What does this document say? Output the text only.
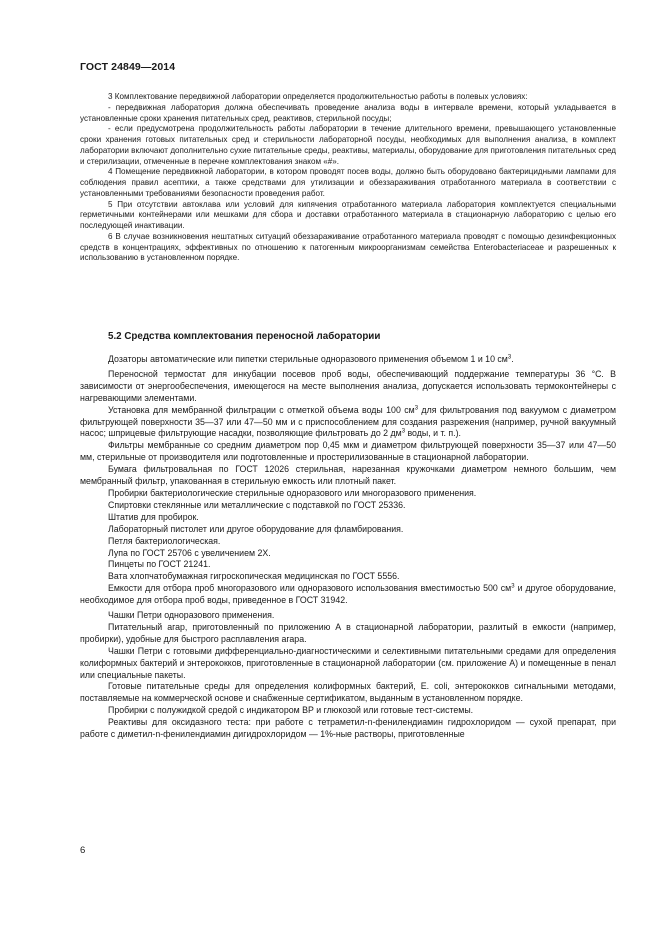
ГОСТ 24849—2014

3 Комплектование передвижной лаборатории определяется продолжительностью работы в полевых условиях:

- передвижная лаборатория должна обеспечивать проведение анализа воды в интервале времени, который укладывается в установленные сроки хранения питательных сред, реактивов, стерильной посуды;

- если предусмотрена продолжительность работы лаборатории в течение длительного времени, превышающего установленные сроки хранения готовых питательных сред и стерильности лабораторной посуды, необходимых для выполнения анализа, в комплект лаборатории включают дополнительно сухие питательные среды, реактивы, материалы, оборудование для приготовления питательных сред и стерилизации, отмеченные в перечне комплектования знаком «#».

4 Помещение передвижной лаборатории, в котором проводят посев воды, должно быть оборудовано бактерицидными лампами для соблюдения правил асептики, а также средствами для утилизации и обеззараживания отработанного материала в соответствии с установленными требованиями безопасности проведения работ.

5 При отсутствии автоклава или условий для кипячения отработанного материала лаборатория комплектуется специальными герметичными контейнерами или мешками для сбора и доставки отработанного материала в стационарную лабораторию с целью его последующей инактивации.

6 В случае возникновения нештатных ситуаций обеззараживание отработанного материала проводят с помощью дезинфекционных средств в концентрациях, эффективных по отношению к патогенным микроорганизмам семейства Enterobacteriaceae и разрешенных к использованию в установленном порядке.

5.2 Средства комплектования переносной лаборатории

Дозаторы автоматические или пипетки стерильные одноразового применения объемом 1 и 10 $см^3$.

Переносной термостат для инкубации посевов проб воды, обеспечивающий поддержание температуры 36 °С. В зависимости от энергообеспечения, имеющегося на месте выполнения анализа, допускается использовать термоконтейнеры с нагревающими элементами.

Установка для мембранной фильтрации с отметкой объема воды 100 $см^3$ для фильтрования под вакуумом с диаметром фильтрующей поверхности 35—37 или 47—50 мм и с приспособлением для создания разрежения (например, ручной вакуумный насос; шприцевые фильтрующие насадки, позволяющие фильтровать до 2 $дм^3$ воды, и т. п.).

Фильтры мембранные со средним диаметром пор 0,45 мкм и диаметром фильтрующей поверхности 35—37 или 47—50 мм, стерильные от производителя или подготовленные и простерилизованные в стационарной лаборатории.

Бумага фильтровальная по ГОСТ 12026 стерильная, нарезанная кружочками диаметром немного большим, чем мембранный фильтр, упакованная в стерильную емкость или плотный пакет.

Пробирки бактериологические стерильные одноразового или многоразового применения.

Спиртовки стеклянные или металлические с подставкой по ГОСТ 25336.

Штатив для пробирок.

Лабораторный пистолет или другое оборудование для фламбирования.

Петля бактериологическая.

Лупа по ГОСТ 25706 с увеличением 2X.

Пинцеты по ГОСТ 21241.

Вата хлопчатобумажная гигроскопическая медицинская по ГОСТ 5556.

Емкости для отбора проб многоразового или одноразового использования вместимостью 500 $см^3$ и другое оборудование, необходимое для отбора проб воды, приведенное в ГОСТ 31942.

Чашки Петри одноразового применения.

Питательный агар, приготовленный по приложению А в стационарной лаборатории, разлитый в емкости (например, пробирки), удобные для быстрого расплавления агара.

Чашки Петри с готовыми дифференциально-диагностическими и селективными питательными средами для определения колиформных бактерий и энтерококков, приготовленные в стационарной лаборатории (см. приложение А) и помещенные в пенал или специальные пакеты.

Готовые питательные среды для определения колиформных бактерий, E. coli, энтерококков сигнальными методами, поставляемые на коммерческой основе и снабженные сертификатом, выданным в установленном порядке.

Пробирки с полужидкой средой с индикатором ВР и глюкозой или готовые тест-системы.

Реактивы для оксидазного теста: при работе с тетраметил-n-фенилендиамин гидрохлоридом — сухой препарат, при работе с диметил-n-фенилендиамин дигидрохлоридом — 1%-ные растворы, приготовленные

6
